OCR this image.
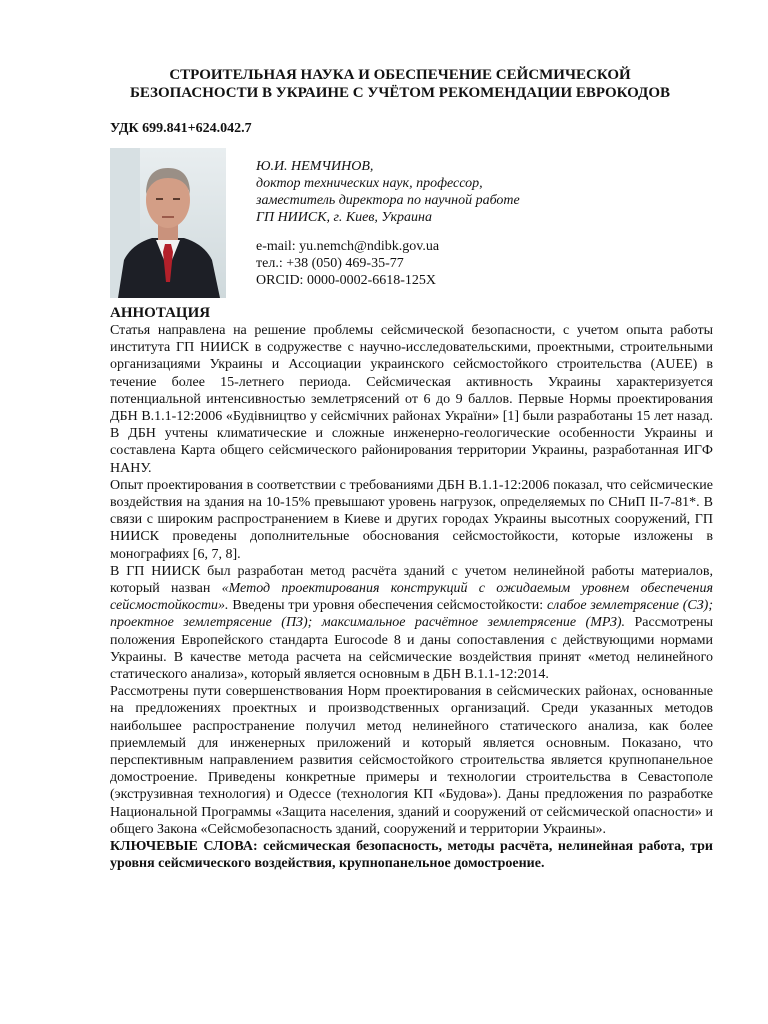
СТРОИТЕЛЬНАЯ НАУКА И ОБЕСПЕЧЕНИЕ СЕЙСМИЧЕСКОЙ
БЕЗОПАСНОСТИ В УКРАИНЕ С УЧЁТОМ РЕКОМЕНДАЦИИ ЕВРОКОДОВ
УДК 699.841+624.042.7
Ю.И. НЕМЧИНОВ,
доктор технических наук, профессор,
заместитель директора по научной работе
ГП НИИСК, г. Киев, Украина
e-mail: yu.nemch@ndibk.gov.ua
тел.: +38 (050) 469-35-77
ORCID: 0000-0002-6618-125X
АННОТАЦИЯ

Статья направлена на решение проблемы сейсмической безопасности, с учетом опыта работы института ГП НИИСК в содружестве с научно-исследовательскими, проектными, строительными организациями Украины и Ассоциации украинского сейсмостойкого строительства (AUEE) в течение более 15-летнего периода. Сейсмическая активность Украины характеризуется потенциальной интенсивностью землетрясений от 6 до 9 баллов. Первые Нормы проектирования ДБН В.1.1-12:2006 «Будівництво у сейсмічних районах України» [1] были разработаны 15 лет назад. В ДБН учтены климатические и сложные инженерно-геологические особенности Украины и составлена Карта общего сейсмического районирования территории Украины, разработанная ИГФ НАНУ.

Опыт проектирования в соответствии с требованиями ДБН В.1.1-12:2006 показал, что сейсмические воздействия на здания на 10-15% превышают уровень нагрузок, определяемых по СНиП II-7-81*. В связи с широким распространением в Киеве и других городах Украины высотных сооружений, ГП НИИСК проведены дополнительные обоснования сейсмостойкости, которые изложены в монографиях [6, 7, 8].

В ГП НИИСК был разработан метод расчёта зданий с учетом нелинейной работы материалов, который назван «Метод проектирования конструкций с ожидаемым уровнем обеспечения сейсмостойкости». Введены три уровня обеспечения сейсмостойкости: слабое землетрясение (СЗ); проектное землетрясение (ПЗ); максимальное расчётное землетрясение (МРЗ). Рассмотрены положения Европейского стандарта Eurocode 8 и даны сопоставления с действующими нормами Украины. В качестве метода расчета на сейсмические воздействия принят «метод нелинейного статического анализа», который является основным в ДБН В.1.1-12:2014.

Рассмотрены пути совершенствования Норм проектирования в сейсмических районах, основанные на предложениях проектных и производственных организаций. Среди указанных методов наибольшее распространение получил метод нелинейного статического анализа, как более приемлемый для инженерных приложений и который является основным. Показано, что перспективным направлением развития сейсмостойкого строительства является крупнопанельное домостроение. Приведены конкретные примеры и технологии строительства в Севастополе (экструзивная технология) и Одессе (технология КП «Будова»). Даны предложения по разработке Национальной Программы «Защита населения, зданий и сооружений от сейсмической опасности» и общего Закона «Сейсмобезопасность зданий, сооружений и территории Украины».

КЛЮЧЕВЫЕ СЛОВА: сейсмическая безопасность, методы расчёта, нелинейная работа, три уровня сейсмического воздействия, крупнопанельное домостроение.
